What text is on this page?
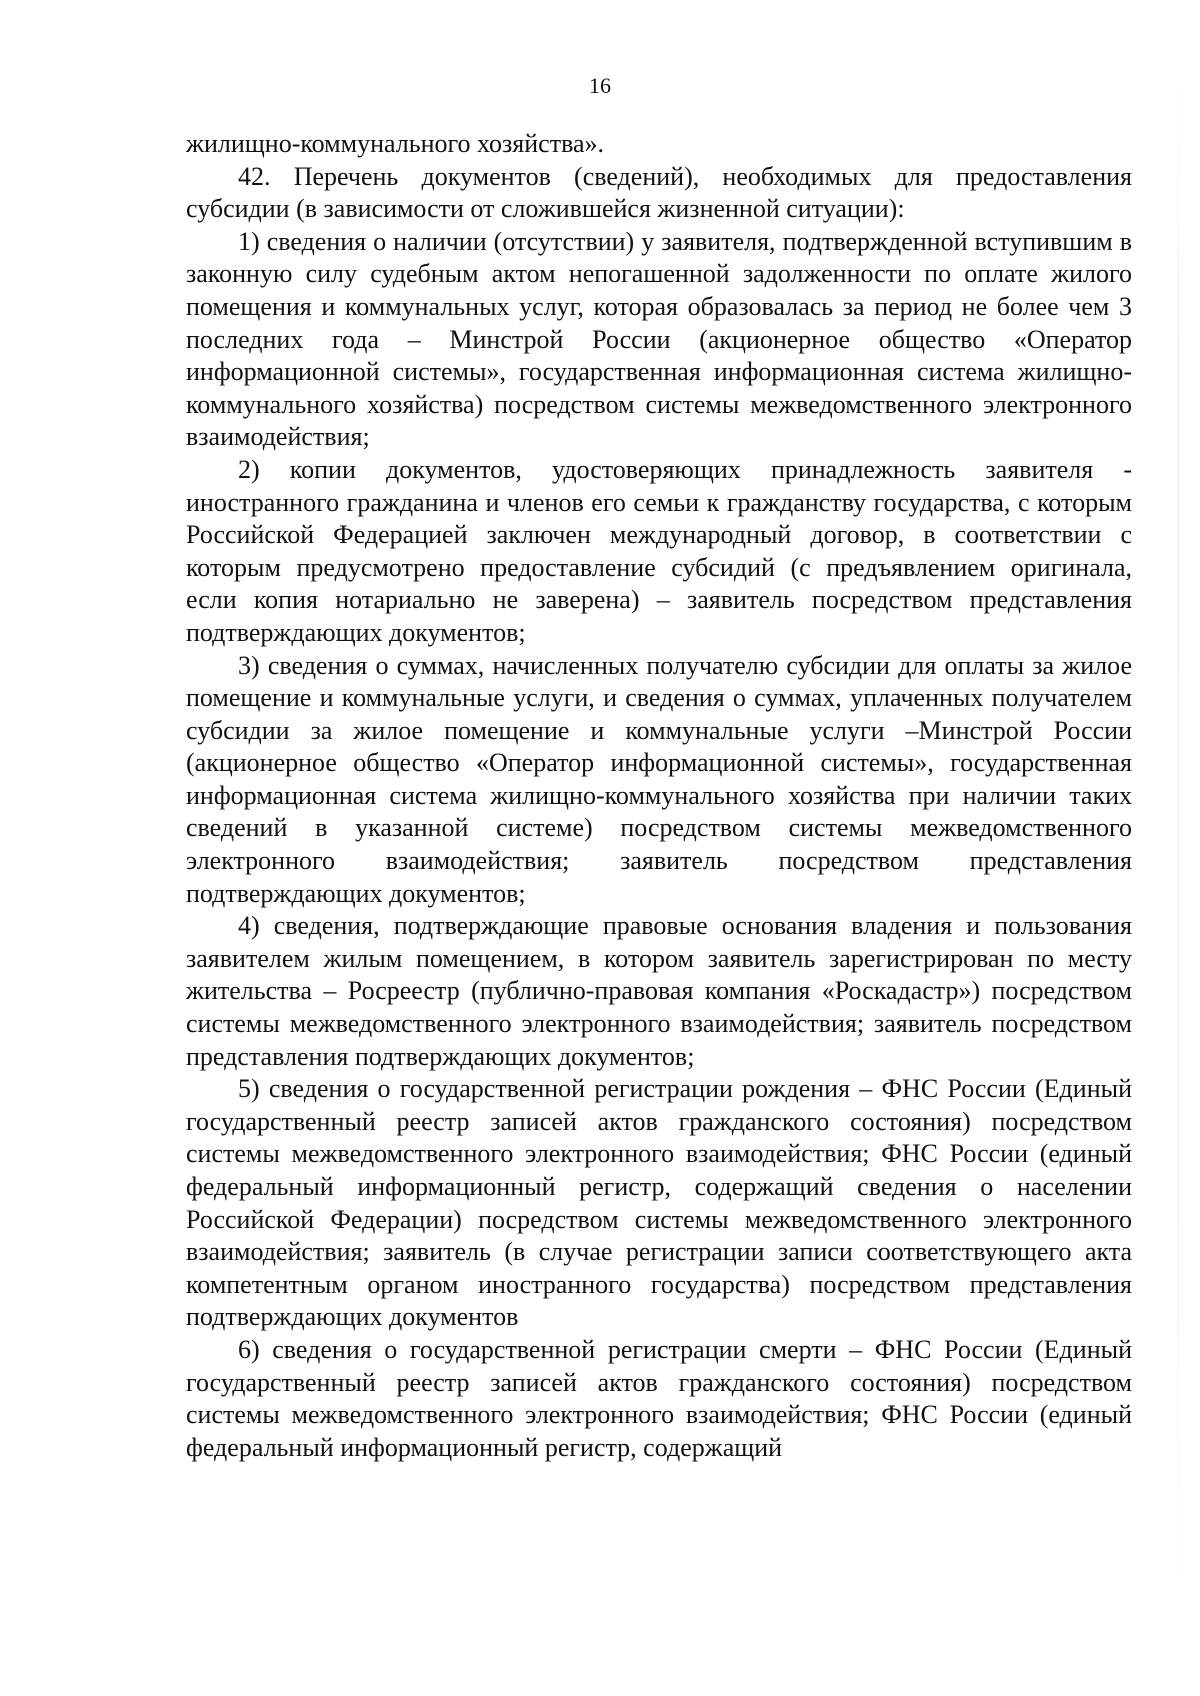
16

жилищно-коммунального хозяйства».

42. Перечень документов (сведений), необходимых для предоставления субсидии (в зависимости от сложившейся жизненной ситуации):

1) сведения о наличии (отсутствии) у заявителя, подтвержденной вступившим в законную силу судебным актом непогашенной задолженности по оплате жилого помещения и коммунальных услуг, которая образовалась за период не более чем 3 последних года – Минстрой России (акционерное общество «Оператор информационной системы», государственная информационная система жилищно-коммунального хозяйства) посредством системы межведомственного электронного взаимодействия;

2) копии документов, удостоверяющих принадлежность заявителя - иностранного гражданина и членов его семьи к гражданству государства, с которым Российской Федерацией заключен международный договор, в соответствии с которым предусмотрено предоставление субсидий (с предъявлением оригинала, если копия нотариально не заверена) – заявитель посредством представления подтверждающих документов;

3) сведения о суммах, начисленных получателю субсидии для оплаты за жилое помещение и коммунальные услуги, и сведения о суммах, уплаченных получателем субсидии за жилое помещение и коммунальные услуги –Минстрой России (акционерное общество «Оператор информационной системы», государственная информационная система жилищно-коммунального хозяйства при наличии таких сведений в указанной системе) посредством системы межведомственного электронного взаимодействия; заявитель посредством представления подтверждающих документов;

4) сведения, подтверждающие правовые основания владения и пользования заявителем жилым помещением, в котором заявитель зарегистрирован по месту жительства – Росреестр (публично-правовая компания «Роскадастр») посредством системы межведомственного электронного взаимодействия; заявитель посредством представления подтверждающих документов;

5) сведения о государственной регистрации рождения – ФНС России (Единый государственный реестр записей актов гражданского состояния) посредством системы межведомственного электронного взаимодействия; ФНС России (единый федеральный информационный регистр, содержащий сведения о населении Российской Федерации) посредством системы межведомственного электронного взаимодействия; заявитель (в случае регистрации записи соответствующего акта компетентным органом иностранного государства) посредством представления подтверждающих документов

6) сведения о государственной регистрации смерти – ФНС России (Единый государственный реестр записей актов гражданского состояния) посредством системы межведомственного электронного взаимодействия; ФНС России (единый федеральный информационный регистр, содержащий
